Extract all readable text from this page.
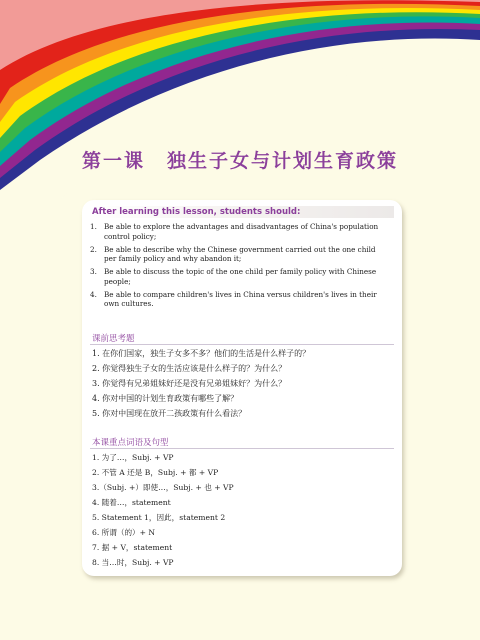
第一课 独生子女与计划生育政策
After learning this lesson, students should:
1. Be able to explore the advantages and disadvantages of China's population control policy;
2. Be able to describe why the Chinese government carried out the one child per family policy and why abandon it;
3. Be able to discuss the topic of the one child per family policy with Chinese people;
4. Be able to compare children's lives in China versus children's lives in their own cultures.
课前思考题
1. 在你们国家，独生子女多不多？他们的生活是什么样子的？
2. 你觉得独生子女的生活应该是什么样子的？为什么？
3. 你觉得有兄弟姐妹好还是没有兄弟姐妹好？为什么？
4. 你对中国的计划生育政策有哪些了解？
5. 你对中国现在放开二孩政策有什么看法？
本课重点词语及句型
1. 为了…，Subj. + VP
2. 不管 A 还是 B，Subj. + 都 + VP
3.（Subj. +）即使…，Subj. + 也 + VP
4. 随着…，statement
5. Statement 1，因此，statement 2
6. 所谓（的）+ N
7. 据 + V，statement
8. 当…时，Subj. + VP
